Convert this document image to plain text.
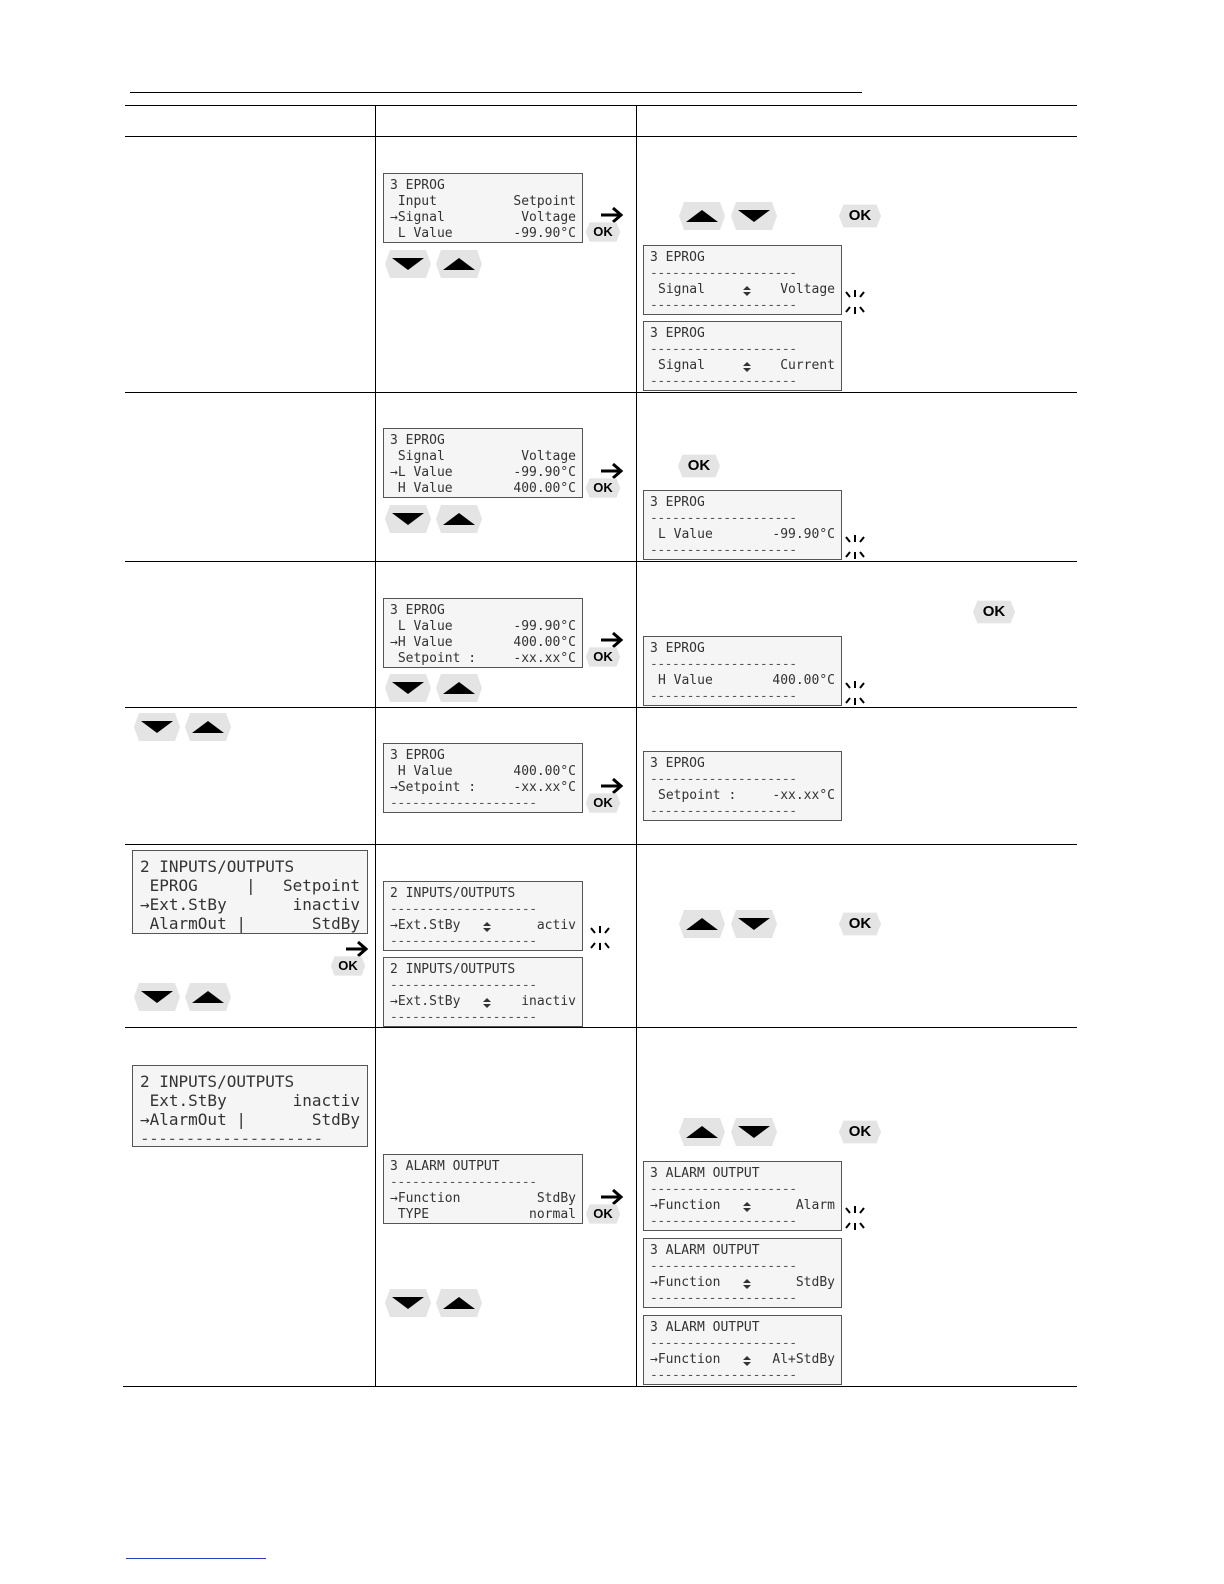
3 EPROG
Input	Setpoint
→Signal	Voltage
L Value	-99.90°C	OK
OK
3 EPROG
--------------------
Signal	Voltage
--------------------
3 EPROG
--------------------
Signal	Current
--------------------
3 EPROG
Signal	Voltage
→L Value	-99.90°C
H Value	400.00°C	OK
OK
3 EPROG
--------------------
L Value	-99.90°C
--------------------
3 EPROG
L Value	-99.90°C
→H Value	400.00°C
Setpoint :	-xx.xx°C	OK
OK
3 EPROG
--------------------
H Value	400.00°C
--------------------
3 EPROG
H Value	400.00°C
→Setpoint :	-xx.xx°C
--------------------	OK
3 EPROG
--------------------
Setpoint :	-xx.xx°C
--------------------
2 INPUTS/OUTPUTS
EPROG     | Setpoint
→Ext.StBy	inactiv
AlarmOut |	StdBy
OK
2 INPUTS/OUTPUTS
--------------------
→Ext.StBy	activ
--------------------
2 INPUTS/OUTPUTS
--------------------
→Ext.StBy	inactiv
--------------------
OK
2 INPUTS/OUTPUTS
Ext.StBy	inactiv
→AlarmOut |	StdBy
--------------------
3 ALARM OUTPUT
--------------------
→Function	StdBy
TYPE	normal	OK
OK
3 ALARM OUTPUT
--------------------
→Function	Alarm
--------------------
3 ALARM OUTPUT
--------------------
→Function	StdBy
--------------------
3 ALARM OUTPUT
--------------------
→Function	Al+StdBy
--------------------
